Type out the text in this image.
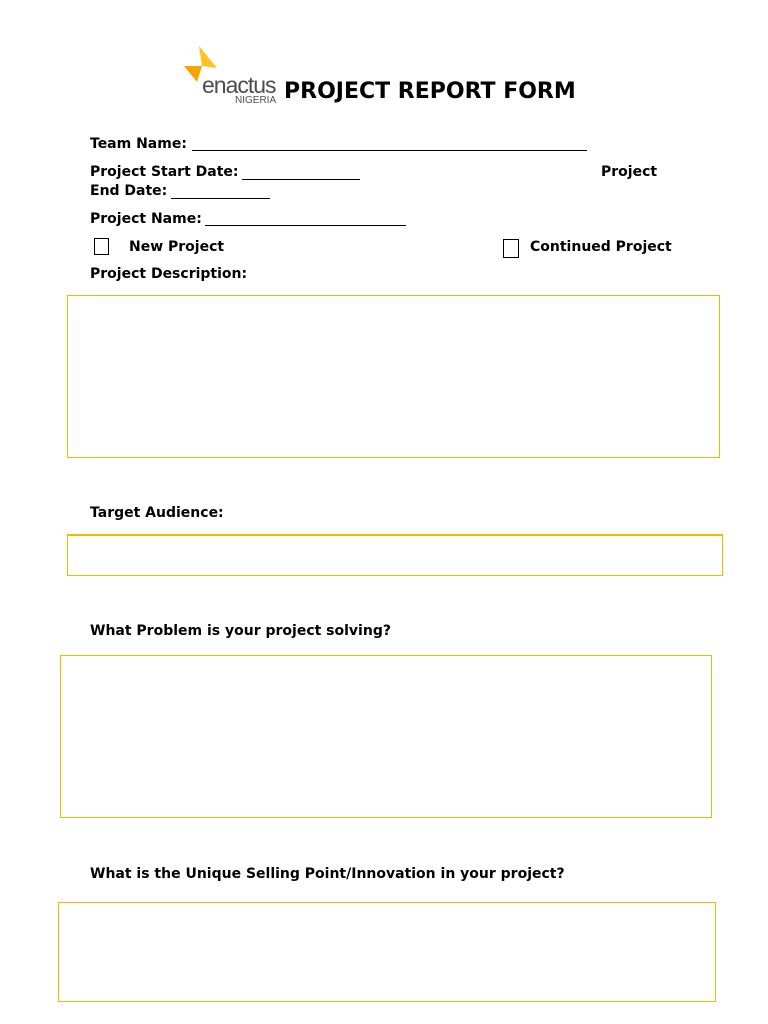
enactus
NIGERIA PROJECT REPORT FORM
Team Name:
Project Start Date:	Project
End Date:
Project Name:
New Project	Continued Project
Project Description:
Target Audience:
What Problem is your project solving?
What is the Unique Selling Point/Innovation in your project?
